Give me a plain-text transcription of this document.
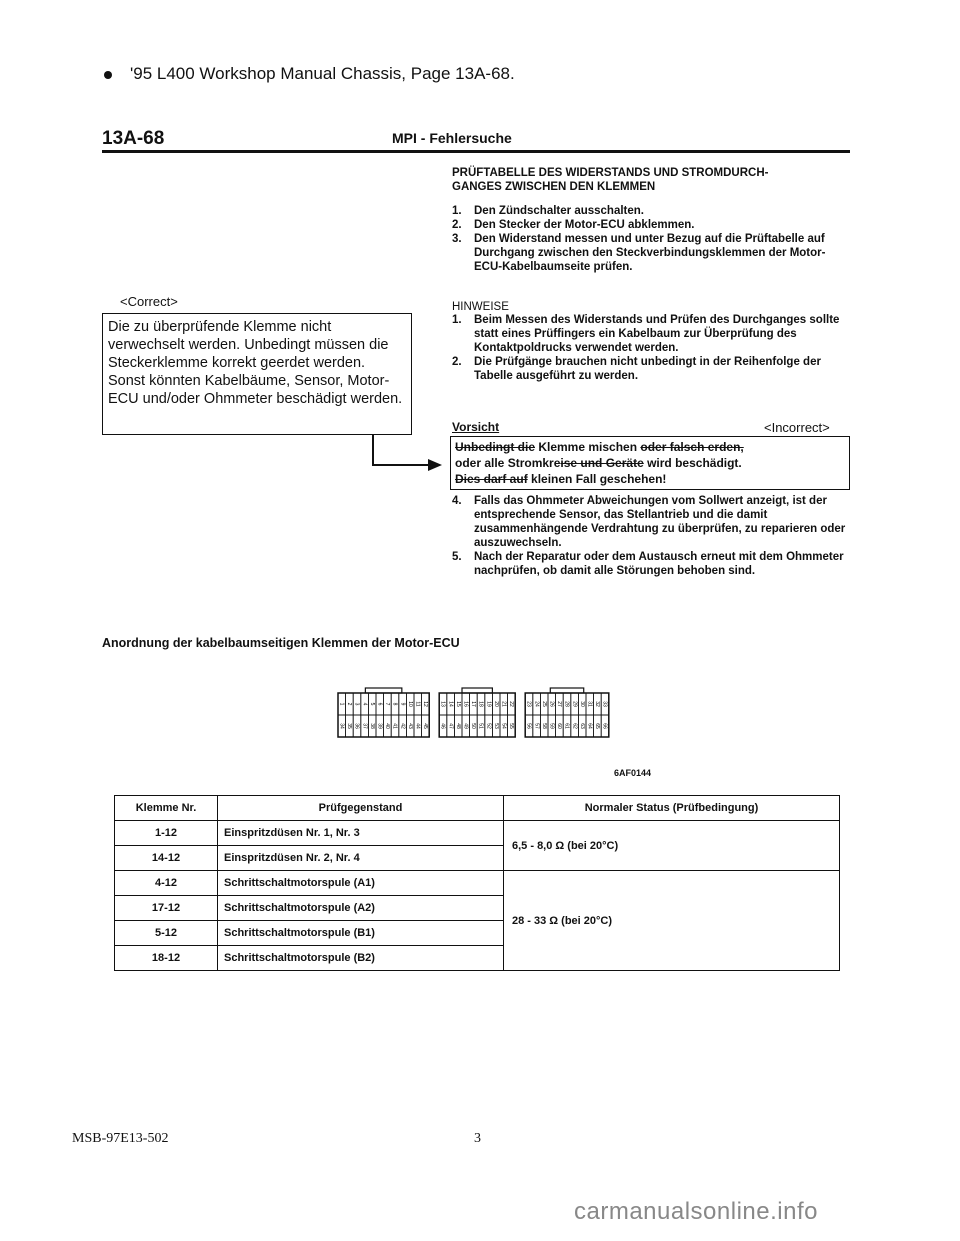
'95 L400 Workshop Manual Chassis, Page 13A-68.
13A-68	MPI - Fehlersuche
PRÜFTABELLE DES WIDERSTANDS UND STROMDURCH-
GANGES ZWISCHEN DEN KLEMMEN
1. Den Zündschalter ausschalten.
2. Den Stecker der Motor-ECU abklemmen.
3. Den Widerstand messen und unter Bezug auf die Prüftabelle auf Durchgang zwischen den Steckverbindungsklemmen der Motor-ECU-Kabelbaumseite prüfen.
HINWEISE
1. Beim Messen des Widerstands und Prüfen des Durchganges sollte statt eines Prüffingers ein Kabelbaum zur Überprüfung des Kontaktpoldrucks verwendet werden.
2. Die Prüfgänge brauchen nicht unbedingt in der Reihenfolge der Tabelle ausgeführt zu werden.
<Correct>
Die zu überprüfende Klemme nicht verwechselt werden. Unbedingt müssen die Steckerklemme korrekt geerdet werden. Sonst könnten Kabelbäume, Sensor, Motor-ECU und/oder Ohmmeter beschädigt werden.
Vorsicht	<Incorrect>
Unbedingt die Klemme mischen oder falsch erden,
oder alle Stromkreise und Geräte wird beschädigt.
Dies darf auf kleinen Fall geschehen!
4. Falls das Ohmmeter Abweichungen vom Sollwert anzeigt, ist der entsprechende Sensor, das Stellantrieb und die damit zusammenhängende Verdrahtung zu überprüfen, zu reparieren oder auszuwechseln.
5. Nach der Reparatur oder dem Austausch erneut mit dem Ohmmeter nachprüfen, ob damit alle Störungen behoben sind.
Anordnung der kabelbaumseitigen Klemmen der Motor-ECU
1 2 3 4 5 6 7 8 9 10 11 12
34 35 36 37 38 39 40 41 42 43 44 45
13 14 15 16 17 18 19 20 21 22
46 47 48 49 50 51 52 53 54 55
23 24 25 26 27 28 29 30 31 32 33
56 57 58 59 60 61 62 63 64 65 66
6AF0144
Klemme Nr.	Prüfgegenstand	Normaler Status (Prüfbedingung)
1-12	Einspritzdüsen Nr. 1, Nr. 3	6,5 - 8,0 Ω (bei 20°C)
14-12	Einspritzdüsen Nr. 2, Nr. 4	
4-12	Schrittschaltmotorspule (A1)	28 - 33 Ω (bei 20°C)
17-12	Schrittschaltmotorspule (A2)	
5-12	Schrittschaltmotorspule (B1)	
18-12	Schrittschaltmotorspule (B2)	
MSB-97E13-502	3
carmanualsonline.info
